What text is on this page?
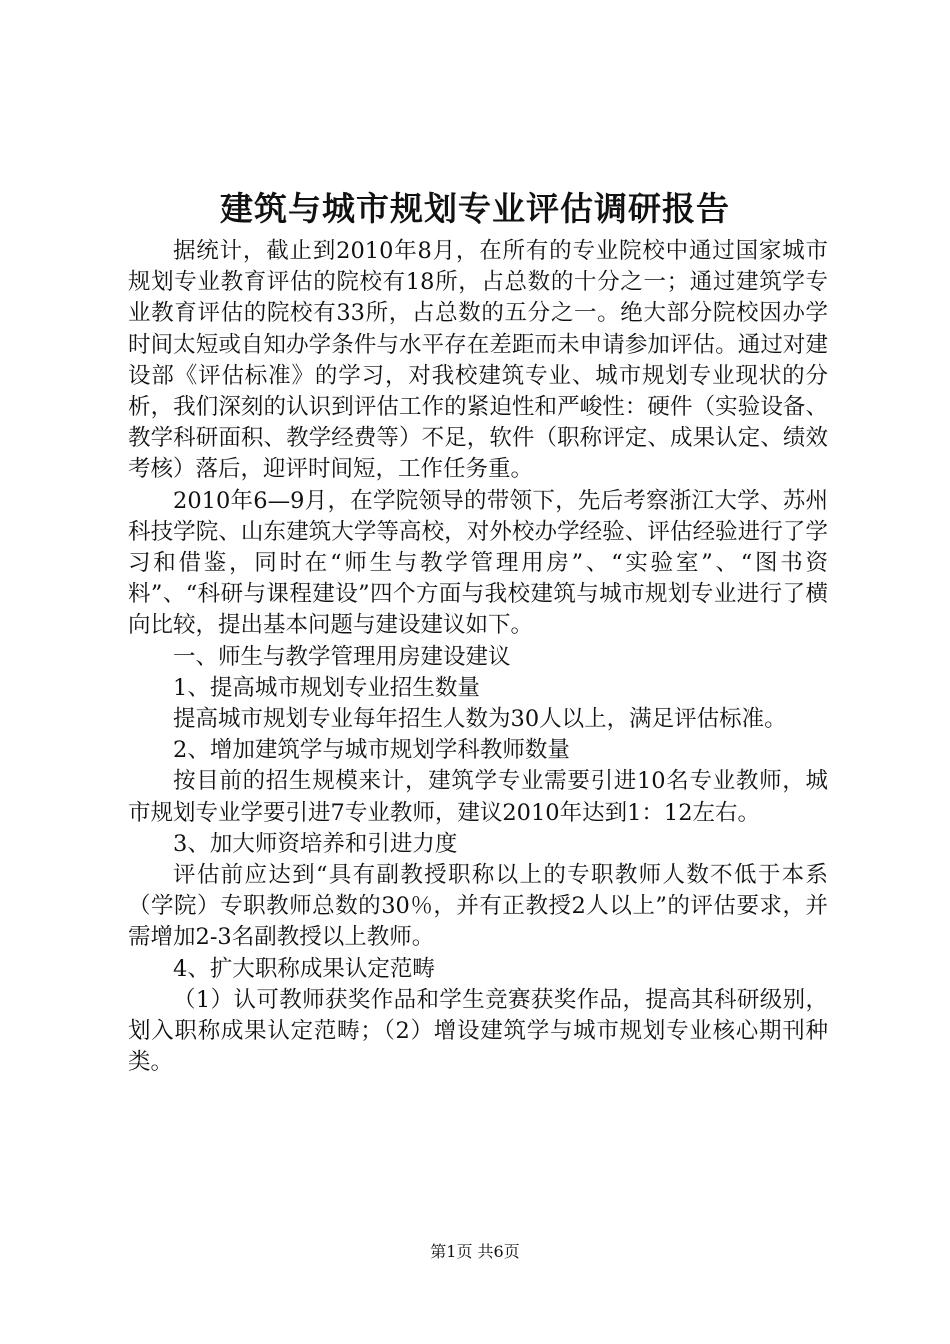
建筑与城市规划专业评估调研报告

据统计，截止到2010年8月，在所有的专业院校中通过国家城市规划专业教育评估的院校有18所，占总数的十分之一；通过建筑学专业教育评估的院校有33所，占总数的五分之一。绝大部分院校因办学时间太短或自知办学条件与水平存在差距而未申请参加评估。通过对建设部《评估标准》的学习，对我校建筑专业、城市规划专业现状的分析，我们深刻的认识到评估工作的紧迫性和严峻性：硬件（实验设备、教学科研面积、教学经费等）不足，软件（职称评定、成果认定、绩效考核）落后，迎评时间短，工作任务重。

2010年6—9月，在学院领导的带领下，先后考察浙江大学、苏州科技学院、山东建筑大学等高校，对外校办学经验、评估经验进行了学习和借鉴，同时在“师生与教学管理用房”、“实验室”、“图书资料”、“科研与课程建设”四个方面与我校建筑与城市规划专业进行了横向比较，提出基本问题与建设建议如下。

一、师生与教学管理用房建设建议

1、提高城市规划专业招生数量

提高城市规划专业每年招生人数为30人以上，满足评估标准。

2、增加建筑学与城市规划学科教师数量

按目前的招生规模来计，建筑学专业需要引进10名专业教师，城市规划专业学要引进7专业教师，建议2010年达到1：12左右。

3、加大师资培养和引进力度

评估前应达到“具有副教授职称以上的专职教师人数不低于本系（学院）专职教师总数的30％，并有正教授2人以上”的评估要求，并需增加2-3名副教授以上教师。

4、扩大职称成果认定范畴

（1）认可教师获奖作品和学生竞赛获奖作品，提高其科研级别，划入职称成果认定范畴；（2）增设建筑学与城市规划专业核心期刊种类。

第1页 共6页
